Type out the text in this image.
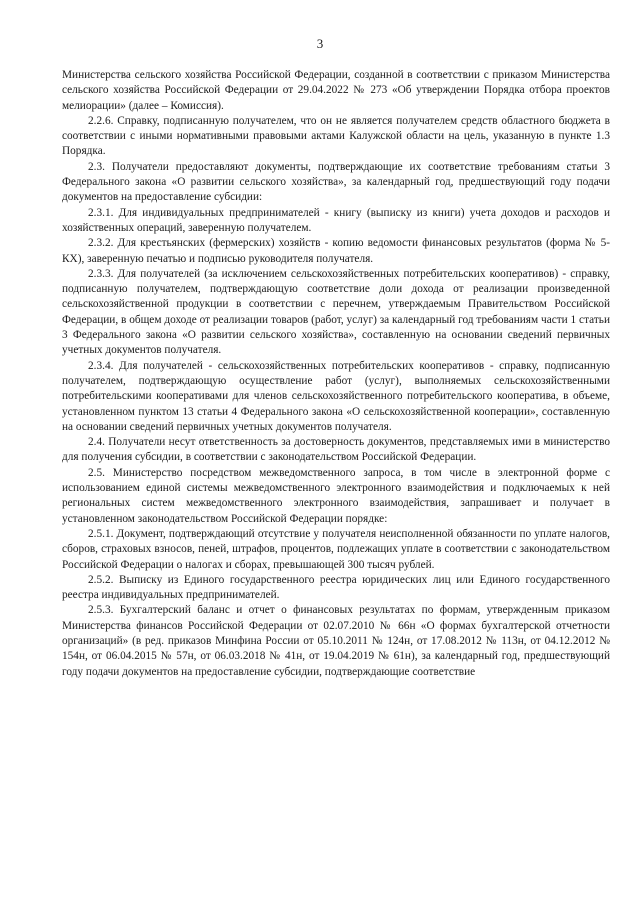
3

Министерства сельского хозяйства Российской Федерации, созданной в соответствии с приказом Министерства сельского хозяйства Российской Федерации от 29.04.2022 № 273 «Об утверждении Порядка отбора проектов мелиорации» (далее – Комиссия).

2.2.6. Справку, подписанную получателем, что он не является получателем средств областного бюджета в соответствии с иными нормативными правовыми актами Калужской области на цель, указанную в пункте 1.3 Порядка.

2.3. Получатели предоставляют документы, подтверждающие их соответствие требованиям статьи 3 Федерального закона «О развитии сельского хозяйства», за календарный год, предшествующий году подачи документов на предоставление субсидии:

2.3.1. Для индивидуальных предпринимателей - книгу (выписку из книги) учета доходов и расходов и хозяйственных операций, заверенную получателем.

2.3.2. Для крестьянских (фермерских) хозяйств - копию ведомости финансовых результатов (форма № 5-КХ), заверенную печатью и подписью руководителя получателя.

2.3.3. Для получателей (за исключением сельскохозяйственных потребительских кооперативов) - справку, подписанную получателем, подтверждающую соответствие доли дохода от реализации произведенной сельскохозяйственной продукции в соответствии с перечнем, утверждаемым Правительством Российской Федерации, в общем доходе от реализации товаров (работ, услуг) за календарный год требованиям части 1 статьи 3 Федерального закона «О развитии сельского хозяйства», составленную на основании сведений первичных учетных документов получателя.

2.3.4. Для получателей - сельскохозяйственных потребительских кооперативов - справку, подписанную получателем, подтверждающую осуществление работ (услуг), выполняемых сельскохозяйственными потребительскими кооперативами для членов сельскохозяйственного потребительского кооператива, в объеме, установленном пунктом 13 статьи 4 Федерального закона «О сельскохозяйственной кооперации», составленную на основании сведений первичных учетных документов получателя.

2.4. Получатели несут ответственность за достоверность документов, представляемых ими в министерство для получения субсидии, в соответствии с законодательством Российской Федерации.

2.5. Министерство посредством межведомственного запроса, в том числе в электронной форме с использованием единой системы межведомственного электронного взаимодействия и подключаемых к ней региональных систем межведомственного электронного взаимодействия, запрашивает и получает в установленном законодательством Российской Федерации порядке:

2.5.1. Документ, подтверждающий отсутствие у получателя неисполненной обязанности по уплате налогов, сборов, страховых взносов, пеней, штрафов, процентов, подлежащих уплате в соответствии с законодательством Российской Федерации о налогах и сборах, превышающей 300 тысяч рублей.

2.5.2. Выписку из Единого государственного реестра юридических лиц или Единого государственного реестра индивидуальных предпринимателей.

2.5.3. Бухгалтерский баланс и отчет о финансовых результатах по формам, утвержденным приказом Министерства финансов Российской Федерации от 02.07.2010 № 66н «О формах бухгалтерской отчетности организаций» (в ред. приказов Минфина России от 05.10.2011 № 124н, от 17.08.2012 № 113н, от 04.12.2012 № 154н, от 06.04.2015 № 57н, от 06.03.2018 № 41н, от 19.04.2019 № 61н), за календарный год, предшествующий году подачи документов на предоставление субсидии, подтверждающие соответствие
